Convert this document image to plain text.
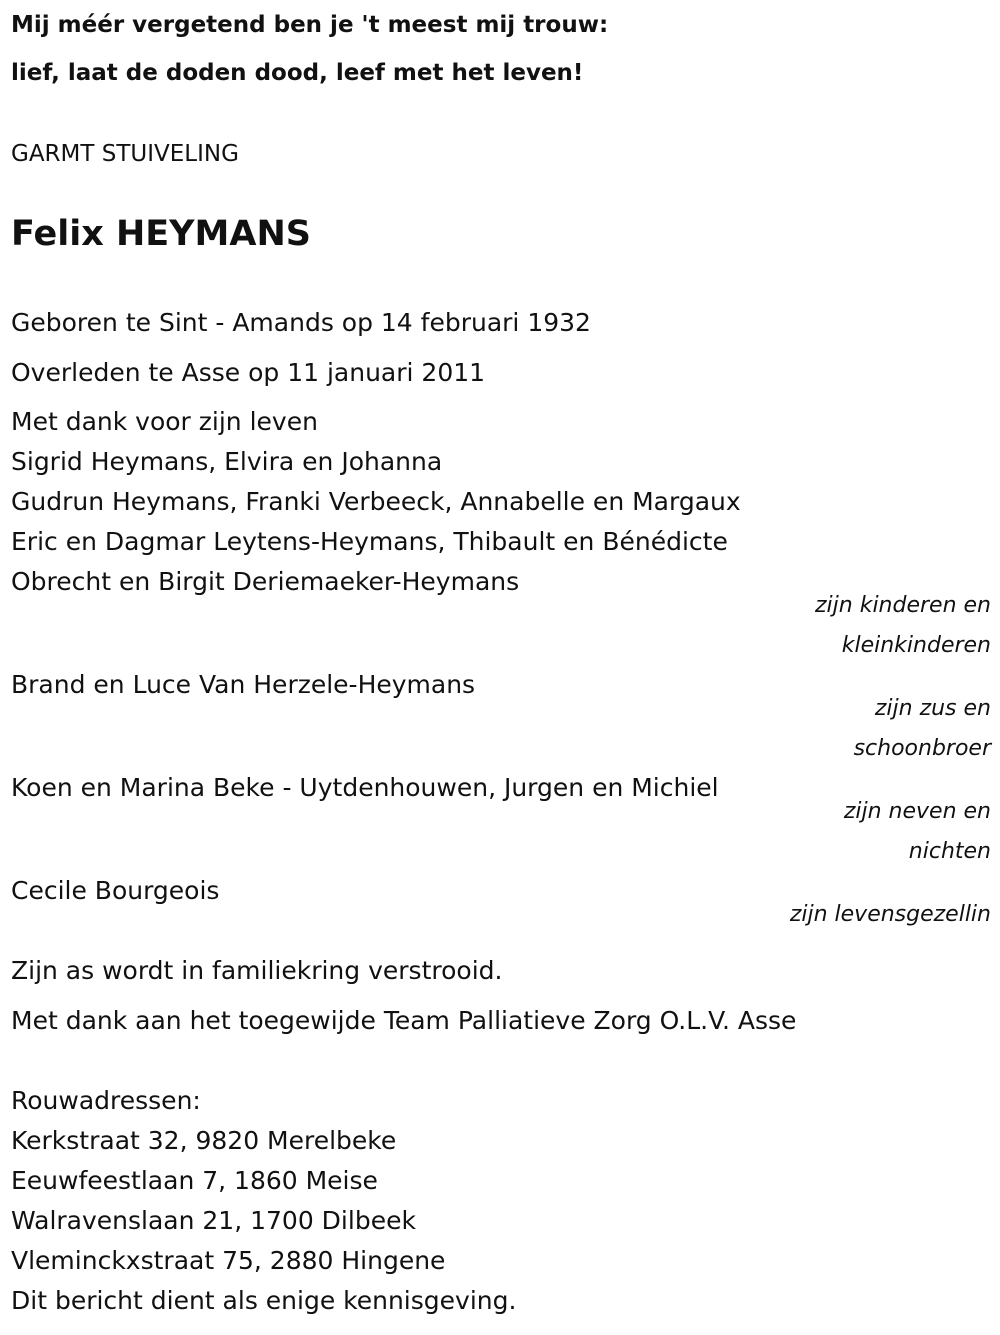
Mij méér vergetend ben je 't meest mij trouw:

lief, laat de doden dood, leef met het leven!

GARMT STUIVELING

Felix HEYMANS

Geboren te Sint - Amands op 14 februari 1932

Overleden te Asse op 11 januari 2011

Met dank voor zijn leven

Sigrid Heymans, Elvira en Johanna

Gudrun Heymans, Franki Verbeeck, Annabelle en Margaux

Eric en Dagmar Leytens-Heymans, Thibault en Bénédicte

Obrecht en Birgit Deriemaeker-Heymans

zijn kinderen en
kleinkinderen

Brand en Luce Van Herzele-Heymans

zijn zus en
schoonbroer

Koen en Marina Beke - Uytdenhouwen, Jurgen en Michiel

zijn neven en
nichten

Cecile Bourgeois

zijn levensgezellin

Zijn as wordt in familiekring verstrooid.

Met dank aan het toegewijde Team Palliatieve Zorg O.L.V. Asse

Rouwadressen:

Kerkstraat 32, 9820 Merelbeke

Eeuwfeestlaan 7, 1860 Meise

Walravenslaan 21, 1700 Dilbeek

Vleminckxstraat 75, 2880 Hingene

Dit bericht dient als enige kennisgeving.
